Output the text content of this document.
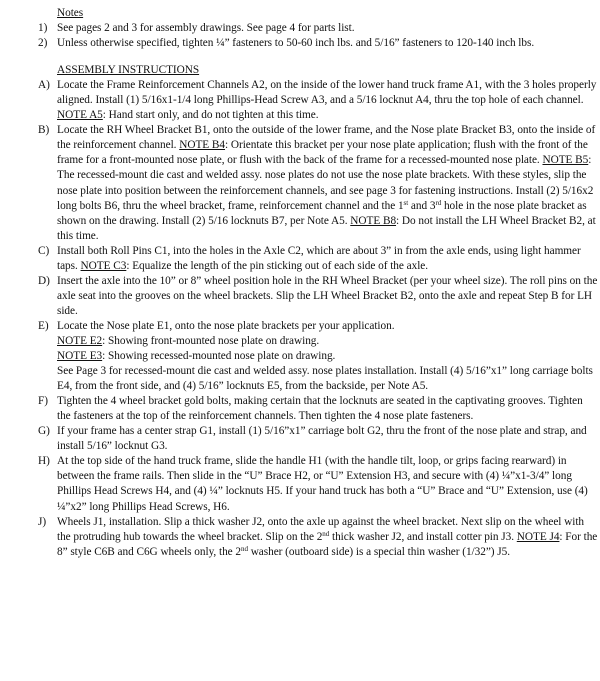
Notes
1) See pages 2 and 3 for assembly drawings. See page 4 for parts list.
2) Unless otherwise specified, tighten ¼” fasteners to 50-60 inch lbs. and 5/16” fasteners to 120-140 inch lbs.
ASSEMBLY INSTRUCTIONS
A) Locate the Frame Reinforcement Channels A2, on the inside of the lower hand truck frame A1, with the 3 holes properly aligned. Install (1) 5/16x1-1/4 long Phillips-Head Screw A3, and a 5/16 locknut A4, thru the top hole of each channel. NOTE A5: Hand start only, and do not tighten at this time.
B) Locate the RH Wheel Bracket B1, onto the outside of the lower frame, and the Nose plate Bracket B3, onto the inside of the reinforcement channel. NOTE B4: Orientate this bracket per your nose plate application; flush with the front of the frame for a front-mounted nose plate, or flush with the back of the frame for a recessed-mounted nose plate. NOTE B5: The recessed-mount die cast and welded assy. nose plates do not use the nose plate brackets. With these styles, slip the nose plate into position between the reinforcement channels, and see page 3 for fastening instructions. Install (2) 5/16x2 long bolts B6, thru the wheel bracket, frame, reinforcement channel and the 1st and 3rd hole in the nose plate bracket as shown on the drawing. Install (2) 5/16 locknuts B7, per Note A5. NOTE B8: Do not install the LH Wheel Bracket B2, at this time.
C) Install both Roll Pins C1, into the holes in the Axle C2, which are about 3” in from the axle ends, using light hammer taps. NOTE C3: Equalize the length of the pin sticking out of each side of the axle.
D) Insert the axle into the 10” or 8” wheel position hole in the RH Wheel Bracket (per your wheel size). The roll pins on the axle seat into the grooves on the wheel brackets. Slip the LH Wheel Bracket B2, onto the axle and repeat Step B for LH side.
E) Locate the Nose plate E1, onto the nose plate brackets per your application.
NOTE E2: Showing front-mounted nose plate on drawing.
NOTE E3: Showing recessed-mounted nose plate on drawing.
See Page 3 for recessed-mount die cast and welded assy. nose plates installation. Install (4) 5/16”x1” long carriage bolts E4, from the front side, and (4) 5/16” locknuts E5, from the backside, per Note A5.
F) Tighten the 4 wheel bracket gold bolts, making certain that the locknuts are seated in the captivating grooves. Tighten the fasteners at the top of the reinforcement channels. Then tighten the 4 nose plate fasteners.
G) If your frame has a center strap G1, install (1) 5/16”x1” carriage bolt G2, thru the front of the nose plate and strap, and install 5/16” locknut G3.
H) At the top side of the hand truck frame, slide the handle H1 (with the handle tilt, loop, or grips facing rearward) in between the frame rails. Then slide in the “U” Brace H2, or “U” Extension H3, and secure with (4) ¼”x1-3/4” long Phillips Head Screws H4, and (4) ¼” locknuts H5. If your hand truck has both a “U” Brace and “U” Extension, use (4) ¼”x2” long Phillips Head Screws, H6.
J) Wheels J1, installation. Slip a thick washer J2, onto the axle up against the wheel bracket. Next slip on the wheel with the protruding hub towards the wheel bracket. Slip on the 2nd thick washer J2, and install cotter pin J3. NOTE J4: For the 8” style C6B and C6G wheels only, the 2nd washer (outboard side) is a special thin washer (1/32”) J5.
